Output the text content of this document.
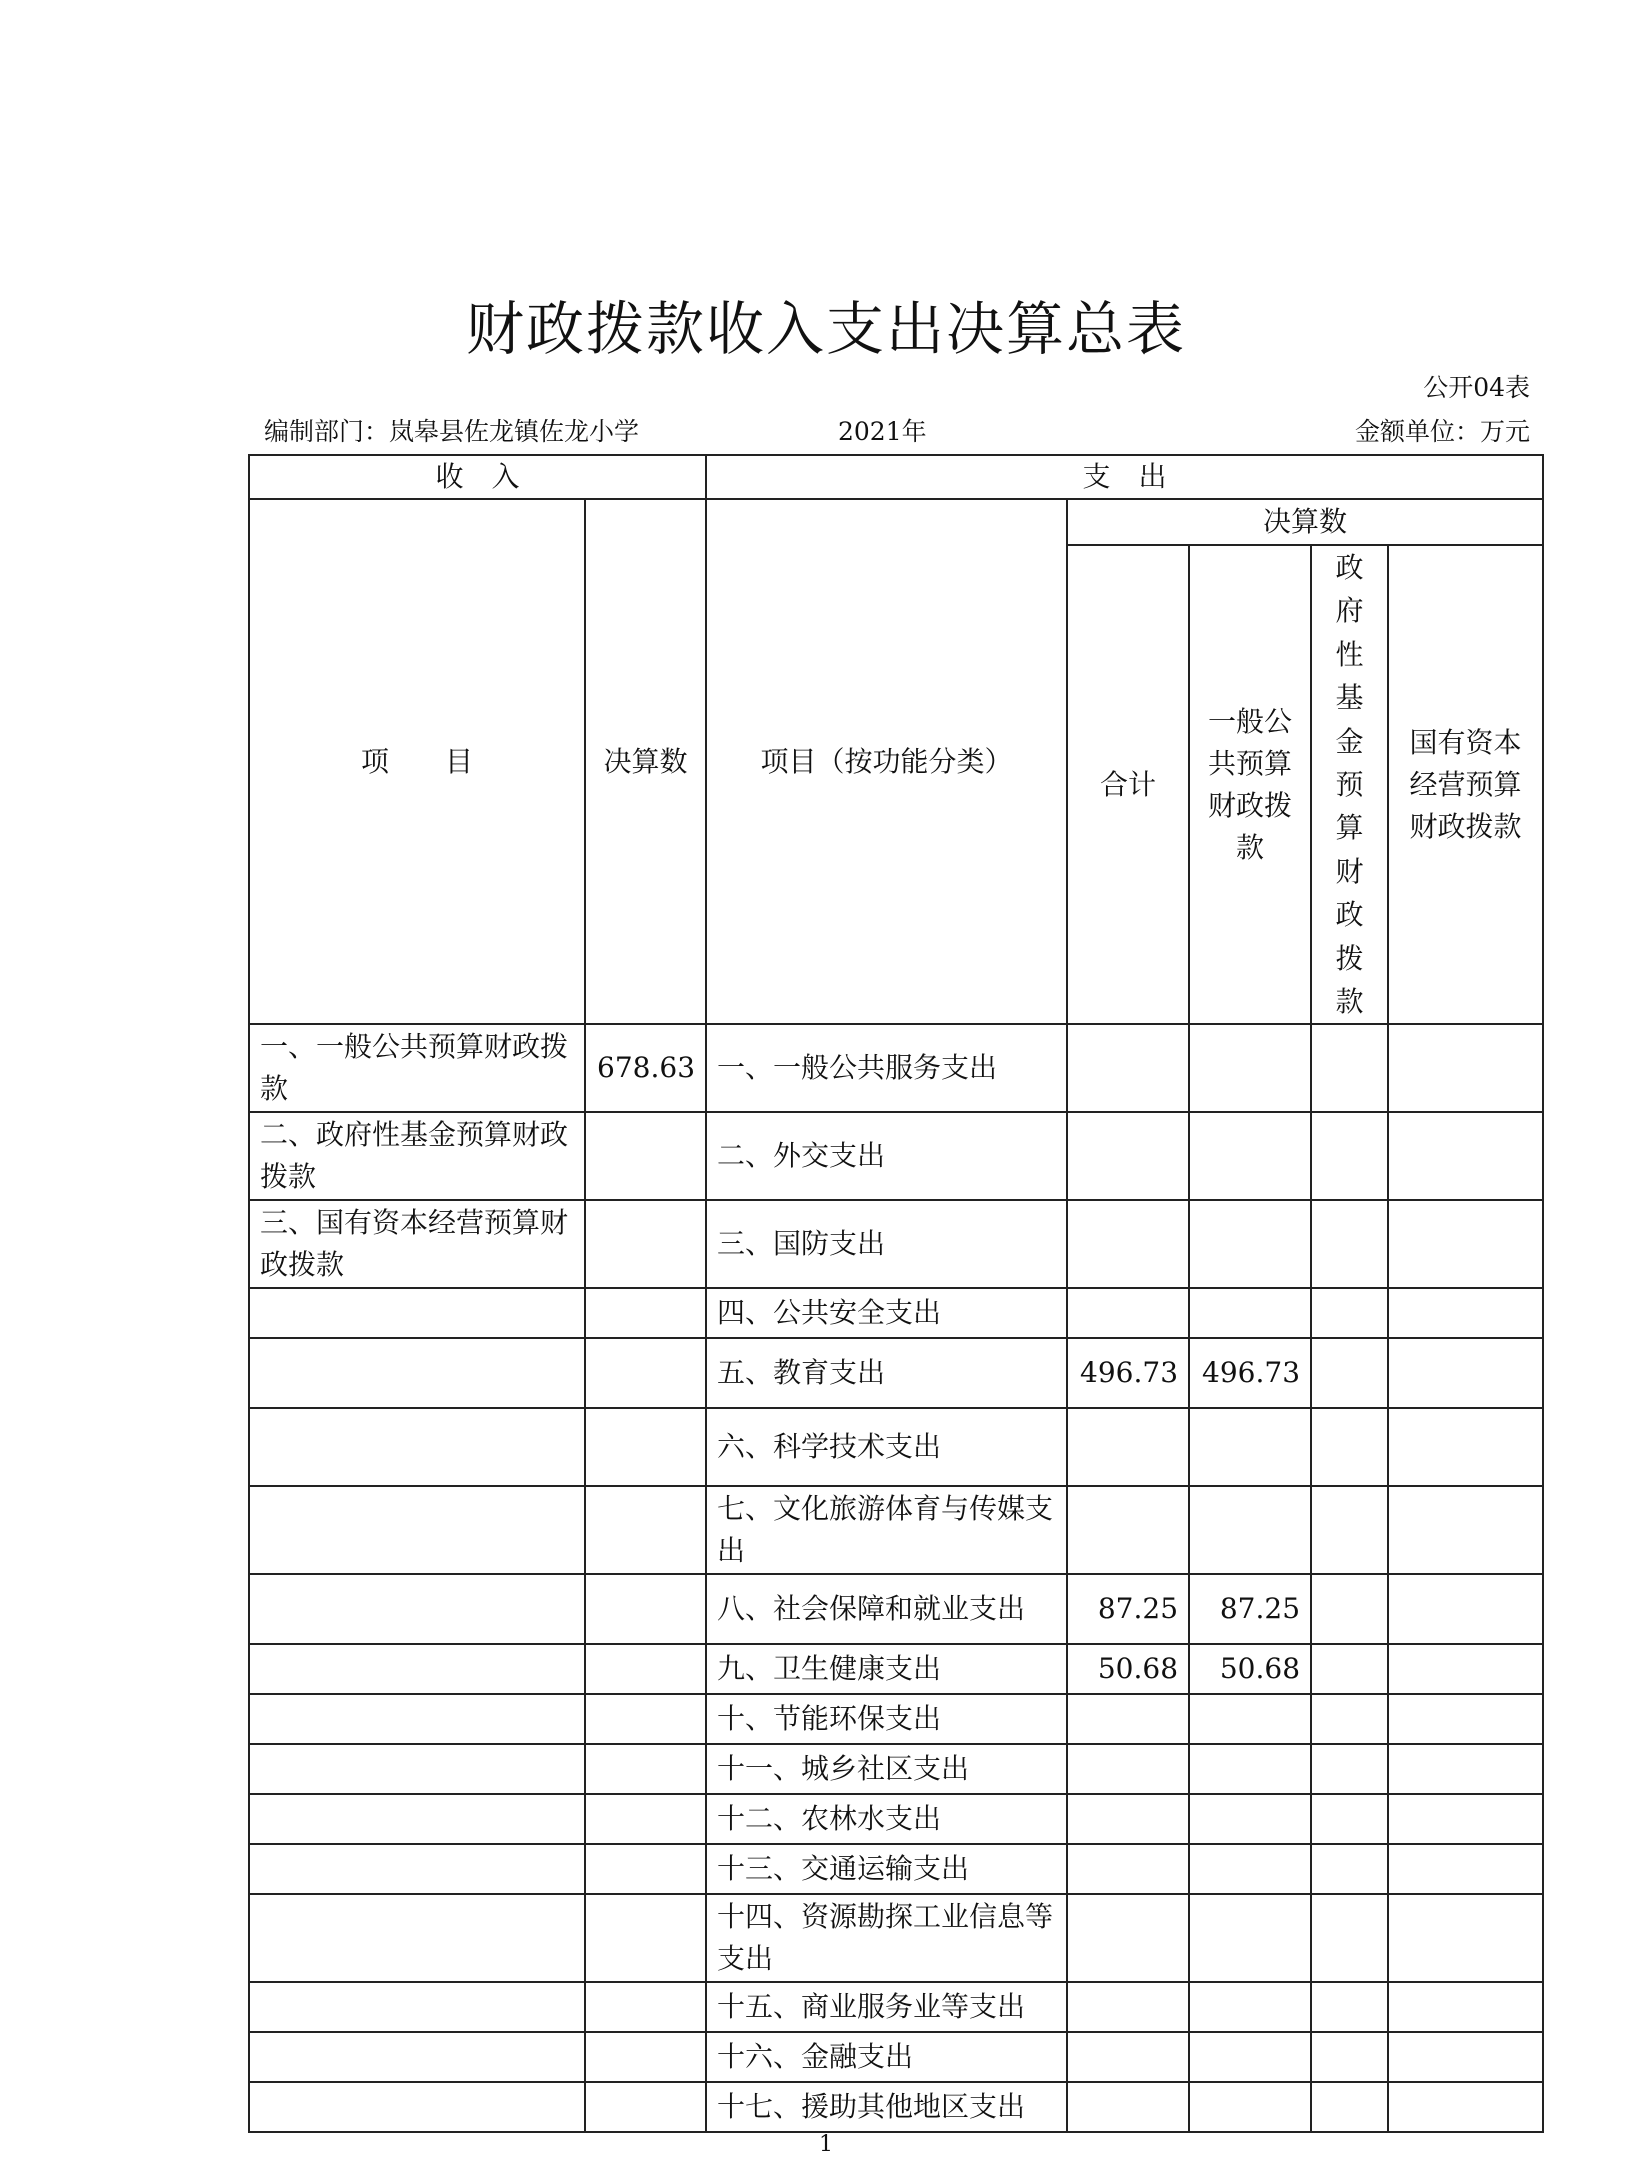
财政拨款收入支出决算总表
公开04表
编制部门：岚皋县佐龙镇佐龙小学	2021年	金额单位：万元
收　入		支　出				
项　　目	决算数	项目（按功能分类）	决算数			
			合计	一般公共预算财政拨款	政府性基金预算财政拨款	国有资本经营预算财政拨款
一、一般公共预算财政拨款	678.63	一、一般公共服务支出				
二、政府性基金预算财政拨款		二、外交支出				
三、国有资本经营预算财政拨款		三、国防支出				
		四、公共安全支出				
		五、教育支出	496.73	496.73		
		六、科学技术支出				
		七、文化旅游体育与传媒支出				
		八、社会保障和就业支出	87.25	87.25		
		九、卫生健康支出	50.68	50.68		
		十、节能环保支出				
		十一、城乡社区支出				
		十二、农林水支出				
		十三、交通运输支出				
		十四、资源勘探工业信息等支出				
		十五、商业服务业等支出				
		十六、金融支出				
		十七、援助其他地区支出				
1
